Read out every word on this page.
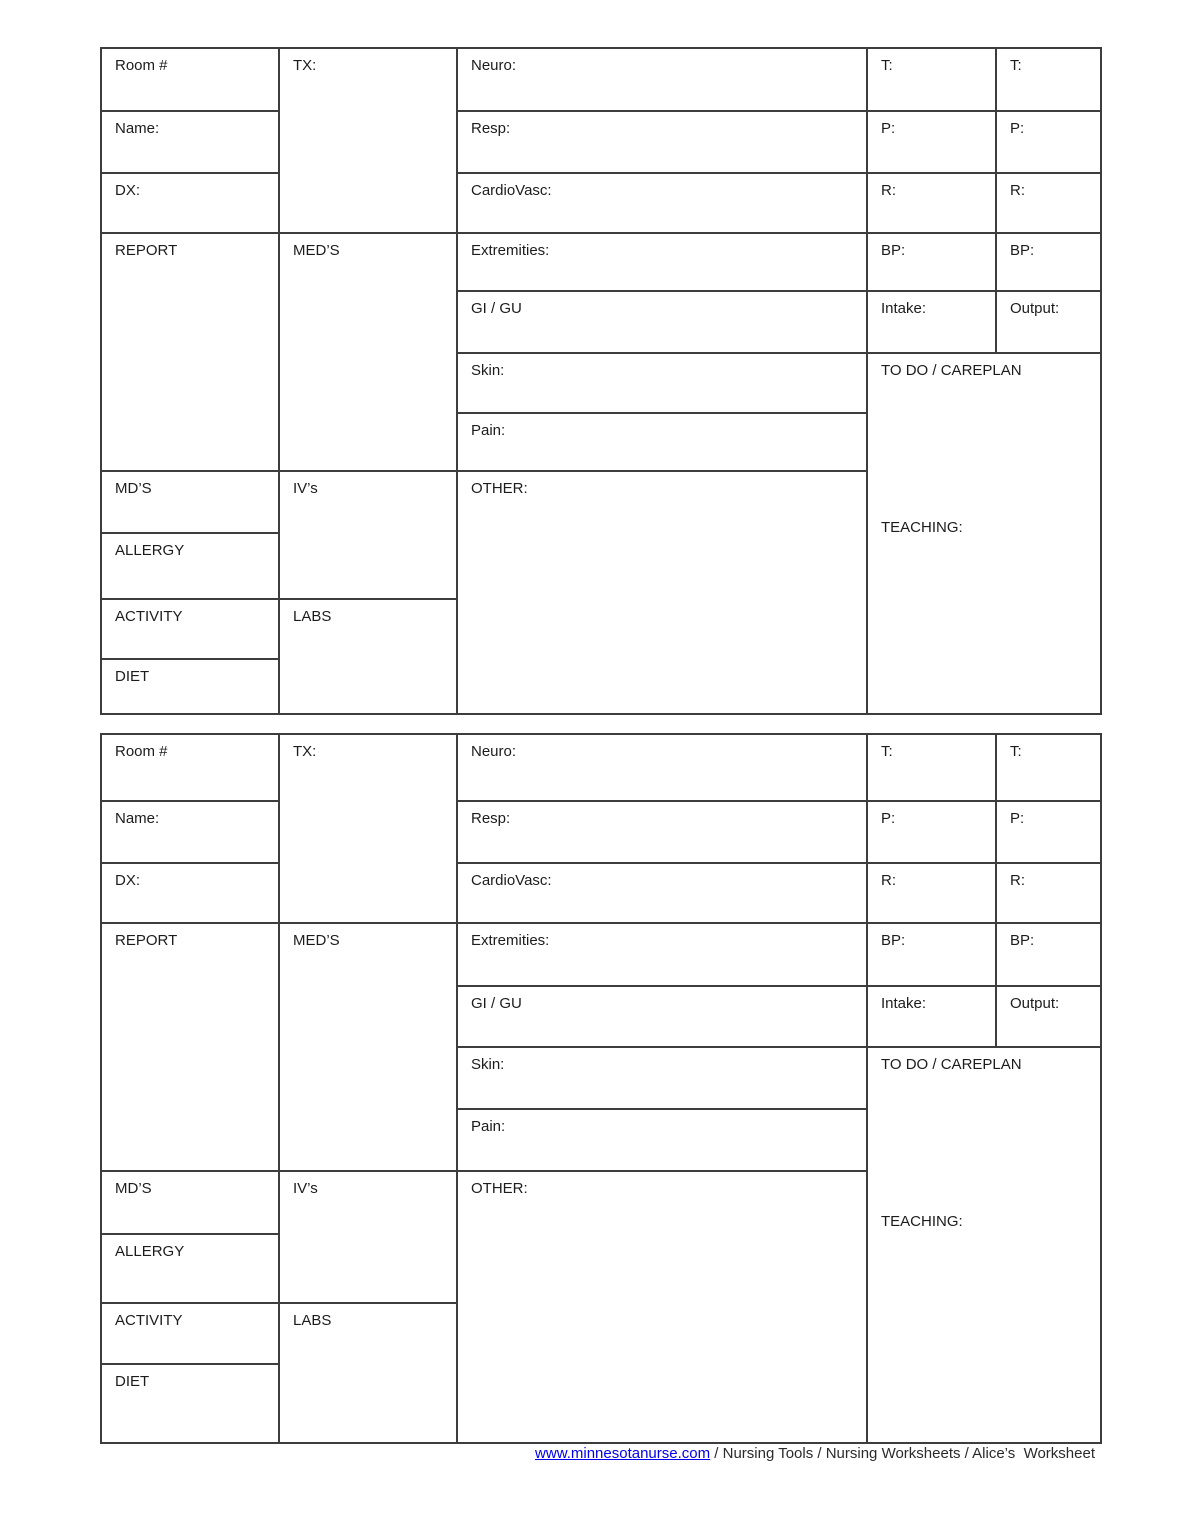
Room #
Name:
DX:
REPORT
MD’S
ALLERGY
ACTIVITY
DIET
TX:
MED’S
IV’s
LABS
Neuro:
Resp:
CardioVasc:
Extremities:
GI / GU
Skin:
Pain:
OTHER:
T:
P:
R:
BP:
Intake:
TO DO / CAREPLAN
TEACHING:
T:
P:
R:
BP:
Output:
Room #
Name:
DX:
REPORT
MD’S
ALLERGY
ACTIVITY
DIET
TX:
MED’S
IV’s
LABS
Neuro:
Resp:
CardioVasc:
Extremities:
GI / GU
Skin:
Pain:
OTHER:
T:
P:
R:
BP:
Intake:
TO DO / CAREPLAN
TEACHING:
T:
P:
R:
BP:
Output:
www.minnesotanurse.com / Nursing Tools / Nursing Worksheets / Alice’s  Worksheet
